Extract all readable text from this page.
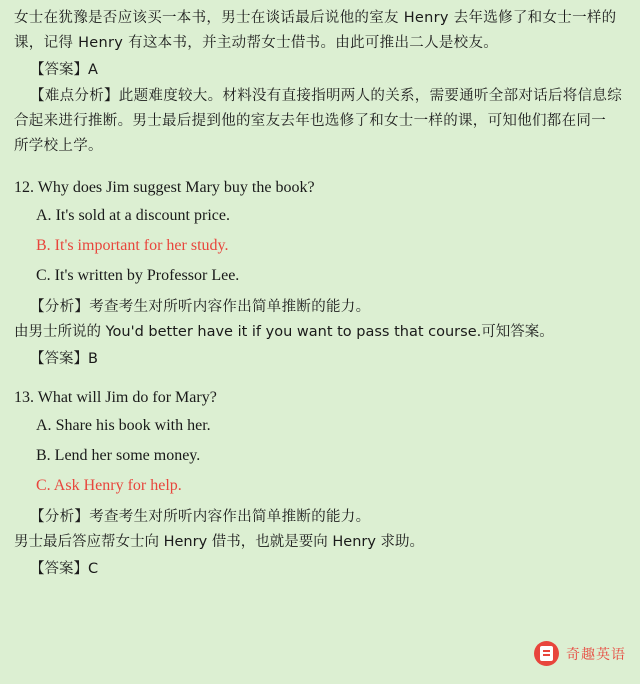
女士在犹豫是否应该买一本书，男士在谈话最后说他的室友 Henry 去年选修了和女士一样的
课，记得 Henry 有这本书，并主动帮女士借书。由此可推出二人是校友。
【答案】A
【难点分析】此题难度较大。材料没有直接指明两人的关系，需要通听全部对话后将信息综
合起来进行推断。男士最后提到他的室友去年也选修了和女士一样的课，可知他们都在同一
所学校上学。
12. Why does Jim suggest Mary buy the book?
A. It's sold at a discount price.
B. It's important for her study.
C. It's written by Professor Lee.
【分析】考查考生对所听内容作出简单推断的能力。
由男士所说的 You'd better have it if you want to pass that course.可知答案。
【答案】B
13. What will Jim do for Mary?
A. Share his book with her.
B. Lend her some money.
C. Ask Henry for help.
【分析】考查考生对所听内容作出简单推断的能力。
男士最后答应帮女士向 Henry 借书，也就是要向 Henry 求助。
【答案】C
奇趣英语
